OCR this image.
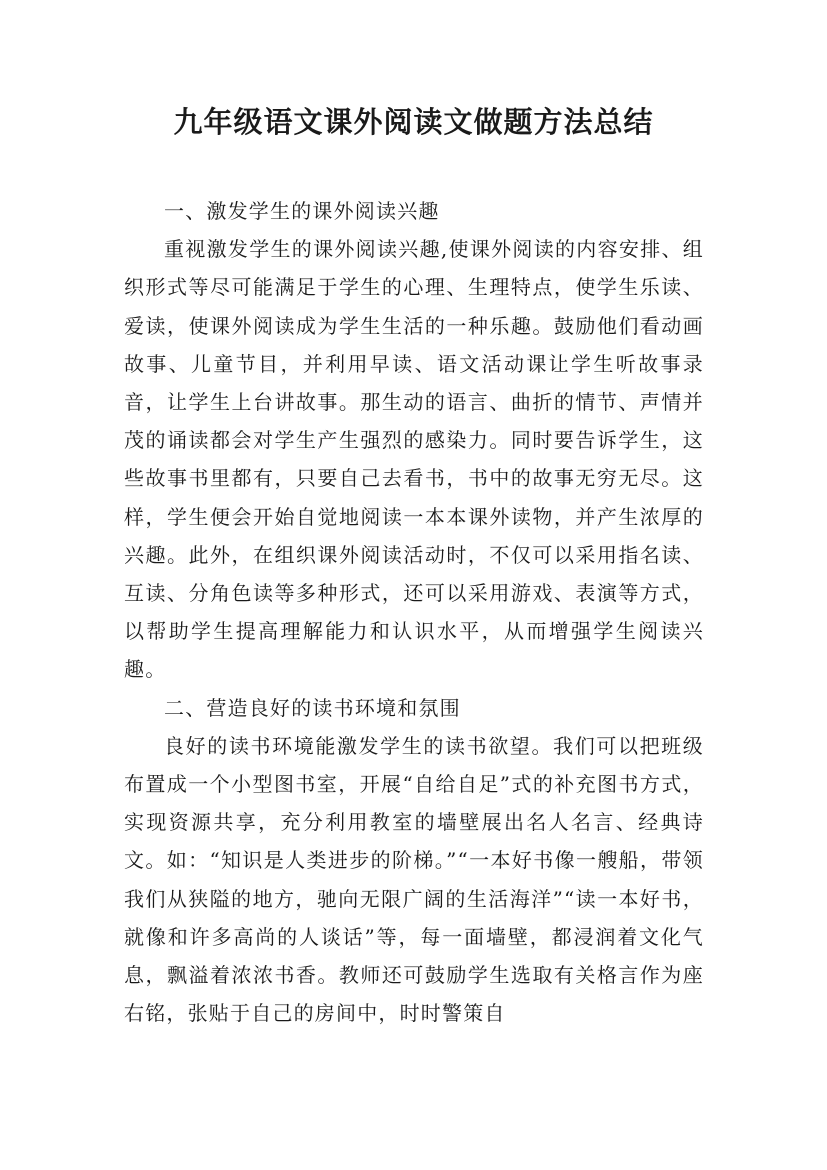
九年级语文课外阅读文做题方法总结

一、激发学生的课外阅读兴趣

重视激发学生的课外阅读兴趣,使课外阅读的内容安排、组织形式等尽可能满足于学生的心理、生理特点，使学生乐读、爱读，使课外阅读成为学生生活的一种乐趣。鼓励他们看动画故事、儿童节目，并利用早读、语文活动课让学生听故事录音，让学生上台讲故事。那生动的语言、曲折的情节、声情并茂的诵读都会对学生产生强烈的感染力。同时要告诉学生，这些故事书里都有，只要自己去看书，书中的故事无穷无尽。这样，学生便会开始自觉地阅读一本本课外读物，并产生浓厚的兴趣。此外，在组织课外阅读活动时，不仅可以采用指名读、互读、分角色读等多种形式，还可以采用游戏、表演等方式，以帮助学生提高理解能力和认识水平，从而增强学生阅读兴趣。

二、营造良好的读书环境和氛围

良好的读书环境能激发学生的读书欲望。我们可以把班级布置成一个小型图书室，开展“自给自足”式的补充图书方式，实现资源共享，充分利用教室的墙壁展出名人名言、经典诗文。如：“知识是人类进步的阶梯。”“一本好书像一艘船，带领我们从狭隘的地方，驰向无限广阔的生活海洋”“读一本好书，就像和许多高尚的人谈话”等，每一面墙壁，都浸润着文化气息，飘溢着浓浓书香。教师还可鼓励学生选取有关格言作为座右铭，张贴于自己的房间中，时时警策自
